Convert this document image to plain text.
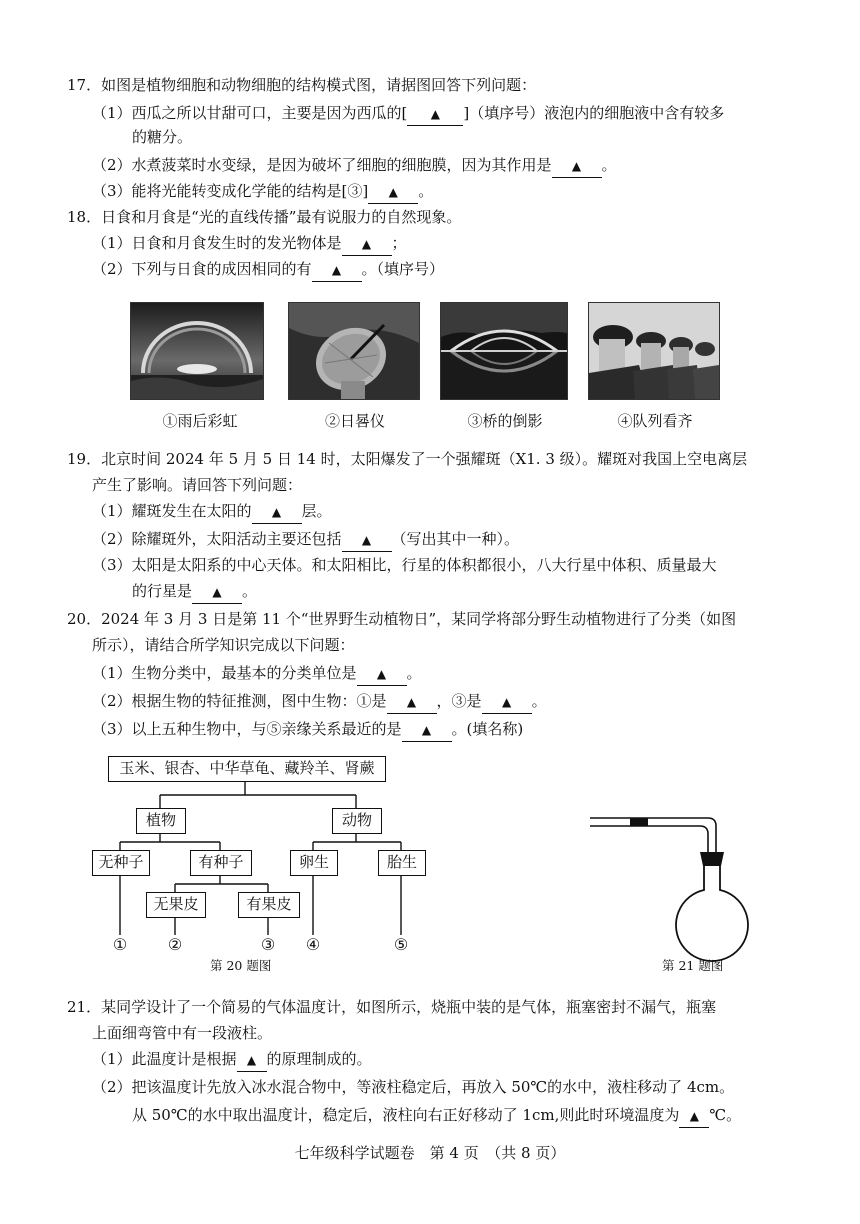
17．如图是植物细胞和动物细胞的结构模式图，请据图回答下列问题：
（1）西瓜之所以甘甜可口，主要是因为西瓜的[ ▲ ]（填序号）液泡内的细胞液中含有较多
的糖分。
（2）水煮菠菜时水变绿，是因为破坏了细胞的细胞膜，因为其作用是 ▲ 。
（3）能将光能转变成化学能的结构是[③] ▲ 。
18．日食和月食是“光的直线传播”最有说服力的自然现象。
（1）日食和月食发生时的发光物体是 ▲ ；
（2）下列与日食的成因相同的有 ▲ 。（填序号）
①雨后彩虹	②日晷仪	③桥的倒影	④队列看齐
19．北京时间 2024 年 5 月 5 日 14 时，太阳爆发了一个强耀斑（X1. 3 级）。耀斑对我国上空电离层
产生了影响。请回答下列问题：
（1）耀斑发生在太阳的 ▲ 层。
（2）除耀斑外，太阳活动主要还包括 ▲ （写出其中一种）。
（3）太阳是太阳系的中心天体。和太阳相比，行星的体积都很小，八大行星中体积、质量最大
的行星是 ▲ 。
20．2024 年 3 月 3 日是第 11 个“世界野生动植物日”，某同学将部分野生动植物进行了分类（如图
所示），请结合所学知识完成以下问题：
（1）生物分类中，最基本的分类单位是 ▲ 。
（2）根据生物的特征推测，图中生物：①是 ▲ ，③是 ▲ 。
（3）以上五种生物中，与⑤亲缘关系最近的是 ▲ 。(填名称)
玉米、银杏、中华草龟、藏羚羊、肾蕨
植物	动物
无种子	有种子	卵生	胎生
无果皮	有果皮
①	②	③ ④	⑤
第 20 题图	第 21 题图
21．某同学设计了一个简易的气体温度计，如图所示，烧瓶中装的是气体，瓶塞密封不漏气，瓶塞
上面细弯管中有一段液柱。
（1）此温度计是根据 ▲ 的原理制成的。
（2）把该温度计先放入冰水混合物中，等液柱稳定后，再放入 50℃的水中，液柱移动了 4cm。
从 50℃的水中取出温度计，稳定后，液柱向右正好移动了 1cm,则此时环境温度为 ▲ ℃。
七年级科学试题卷　第 4 页　（共 8 页）
